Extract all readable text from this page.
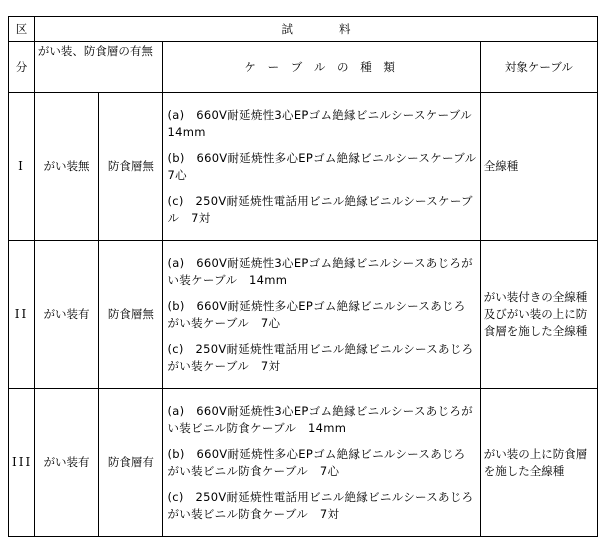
区	試　　　　料			
分	がい装、防食層の有無		ケ ー ブ ル の 種 類	対象ケーブル
I	がい装無	防食層無	(a)　660V耐延焼性3心EPゴム絶縁ビニルシースケーブル　14mm
(b)　660V耐延焼性多心EPゴム絶縁ビニルシースケーブル　7心
(c)　250V耐延焼性電話用ビニル絶縁ビニルシースケーブル　7対	全線種
II	がい装有	防食層無	(a)　660V耐延焼性3心EPゴム絶縁ビニルシースあじろがい装ケーブル　14mm
(b)　660V耐延焼性多心EPゴム絶縁ビニルシースあじろがい装ケーブル　7心
(c)　250V耐延焼性電話用ビニル絶縁ビニルシースあじろがい装ケーブル　7対	がい装付きの全線種及びがい装の上に防食層を施した全線種
III	がい装有	防食層有	(a)　660V耐延焼性3心EPゴム絶縁ビニルシースあじろがい装ビニル防食ケーブル　14mm
(b)　660V耐延焼性多心EPゴム絶縁ビニルシースあじろがい装ビニル防食ケーブル　7心
(c)　250V耐延焼性電話用ビニル絶縁ビニルシースあじろがい装ビニル防食ケーブル　7対	がい装の上に防食層を施した全線種
